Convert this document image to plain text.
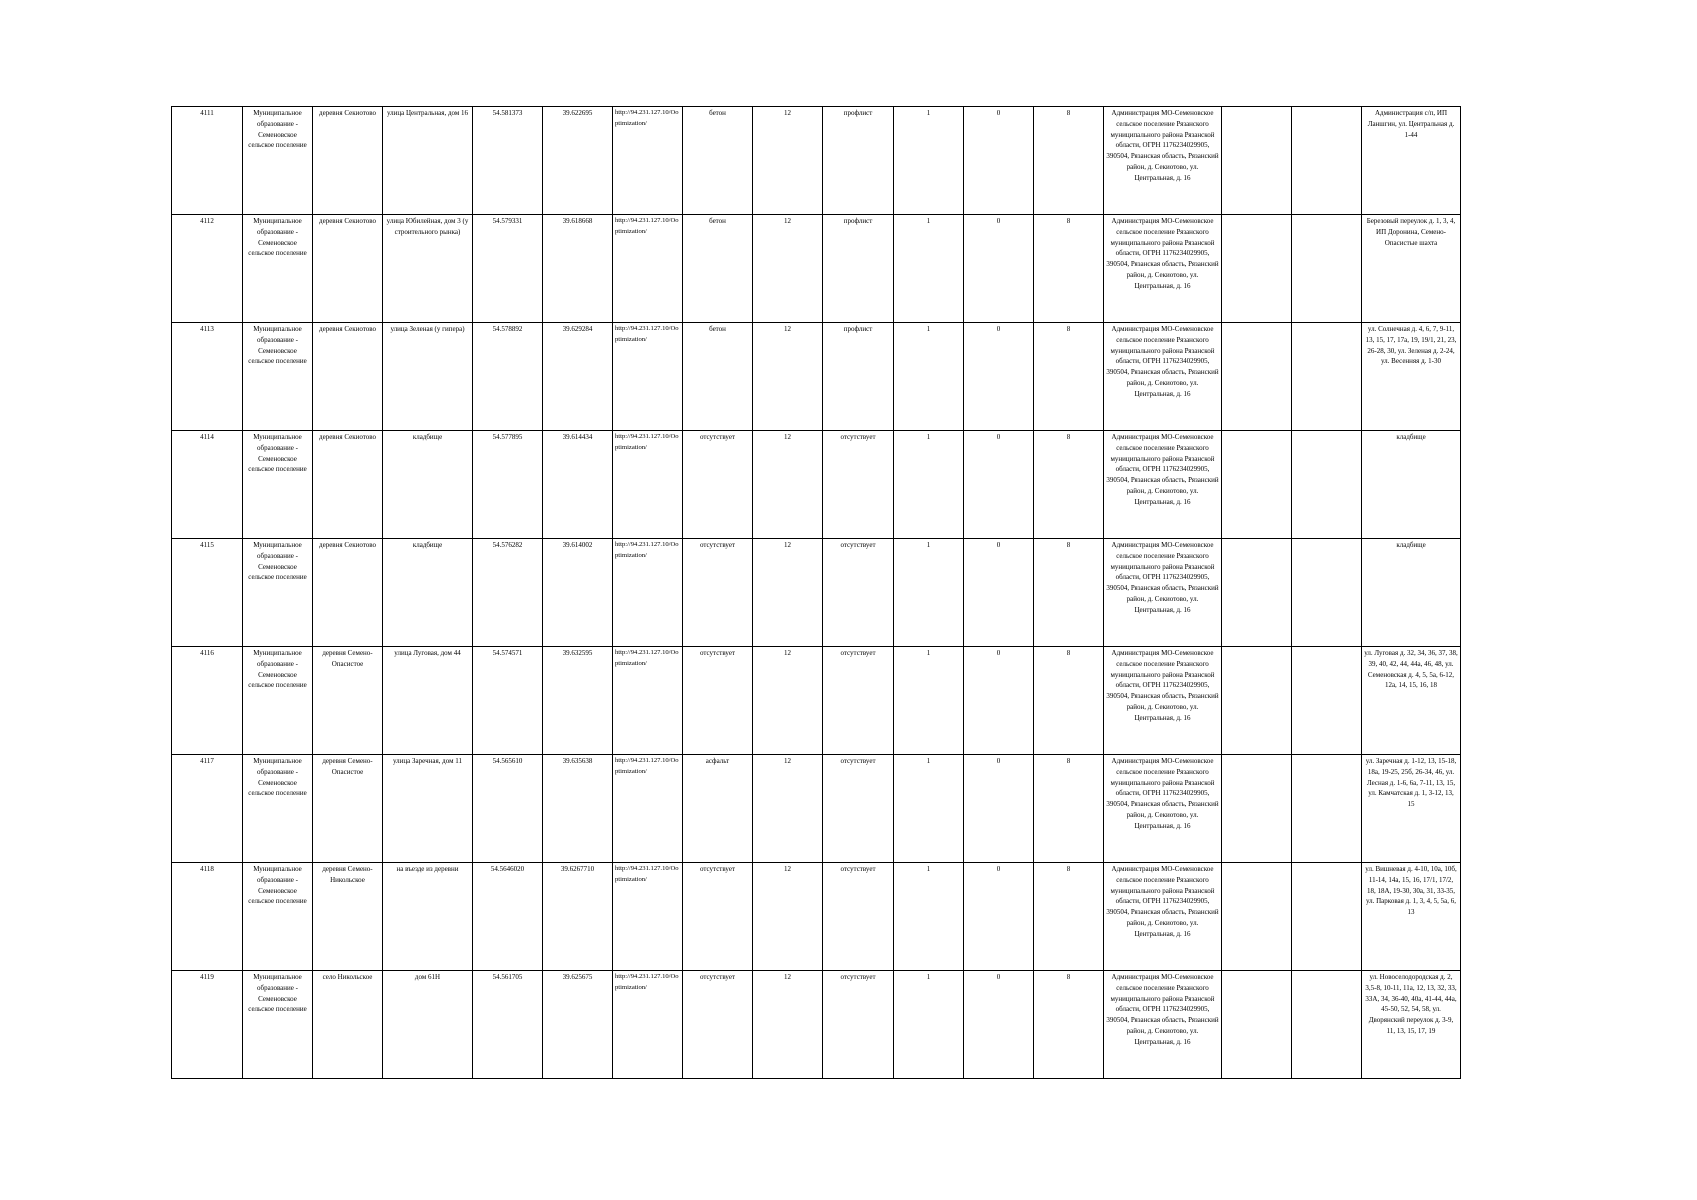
4111	Муниципальное образование - Семеновское сельское поселение	деревня Секиотово	улица Центральная, дом 16	54.581373	39.622695	http://94.231.127.10/Ooptimization/	бетон	12	профлист	1	0	8	Администрация МО-Семеновское сельское поселение Рязанского муниципального района Рязанской области, ОГРН 1176234029905, 390504, Рязанская область, Рязанский район, д. Секиотово, ул. Центральная, д. 16			Администрация с/п, ИП Ланшгин, ул. Центральная д. 1-44
4112	Муниципальное образование - Семеновское сельское поселение	деревня Секиотово	улица Юбилейная, дом 3 (у строительного рынка)	54.579331	39.618668	http://94.231.127.10/Ooptimization/	бетон	12	профлист	1	0	8	Администрация МО-Семеновское сельское поселение Рязанского муниципального района Рязанской области, ОГРН 1176234029905, 390504, Рязанская область, Рязанский район, д. Секиотово, ул. Центральная, д. 16			Березовый переулок д. 1, 3, 4, ИП Доронина, Семено-Опасистые шахта
4113	Муниципальное образование - Семеновское сельское поселение	деревня Секиотово	улица Зеленая (у гипера)	54.578892	39.629284	http://94.231.127.10/Ooptimization/	бетон	12	профлист	1	0	8	Администрация МО-Семеновское сельское поселение Рязанского муниципального района Рязанской области, ОГРН 1176234029905, 390504, Рязанская область, Рязанский район, д. Секиотово, ул. Центральная, д. 16			ул. Солнечная д. 4, 6, 7, 9-11, 13, 15, 17, 17а, 19, 19/1, 21, 23, 26-28, 30, ул. Зеленая д. 2-24, ул. Весенняя д. 1-30
4114	Муниципальное образование - Семеновское сельское поселение	деревня Секиотово	кладбище	54.577895	39.614434	http://94.231.127.10/Ooptimization/	отсутствует	12	отсутствует	1	0	8	Администрация МО-Семеновское сельское поселение Рязанского муниципального района Рязанской области, ОГРН 1176234029905, 390504, Рязанская область, Рязанский район, д. Секиотово, ул. Центральная, д. 16			кладбище
4115	Муниципальное образование - Семеновское сельское поселение	деревня Секиотово	кладбище	54.576282	39.614002	http://94.231.127.10/Ooptimization/	отсутствует	12	отсутствует	1	0	8	Администрация МО-Семеновское сельское поселение Рязанского муниципального района Рязанской области, ОГРН 1176234029905, 390504, Рязанская область, Рязанский район, д. Секиотово, ул. Центральная, д. 16			кладбище
4116	Муниципальное образование - Семеновское сельское поселение	деревня Семено-Опасистое	улица Луговая, дом 44	54.574571	39.632595	http://94.231.127.10/Ooptimization/	отсутствует	12	отсутствует	1	0	8	Администрация МО-Семеновское сельское поселение Рязанского муниципального района Рязанской области, ОГРН 1176234029905, 390504, Рязанская область, Рязанский район, д. Секиотово, ул. Центральная, д. 16			ул. Луговая д. 32, 34, 36, 37, 38, 39, 40, 42, 44, 44а, 46, 48, ул. Семеновская д. 4, 5, 5а, 6-12, 12а, 14, 15, 16, 18
4117	Муниципальное образование - Семеновское сельское поселение	деревня Семено-Опасистое	улица Заречная, дом 11	54.565610	39.635638	http://94.231.127.10/Ooptimization/	асфальт	12	отсутствует	1	0	8	Администрация МО-Семеновское сельское поселение Рязанского муниципального района Рязанской области, ОГРН 1176234029905, 390504, Рязанская область, Рязанский район, д. Секиотово, ул. Центральная, д. 16			ул. Заречная д. 1-12, 13, 15-18, 18а, 19-25, 25б, 26-34, 46, ул. Лесная д. 1-6, 6а, 7-11, 13, 15, ул. Камчатская д. 1, 3-12, 13, 15
4118	Муниципальное образование - Семеновское сельское поселение	деревня Семено-Никольское	на въезде из деревни	54.5646020	39.6267710	http://94.231.127.10/Ooptimization/	отсутствует	12	отсутствует	1	0	8	Администрация МО-Семеновское сельское поселение Рязанского муниципального района Рязанской области, ОГРН 1176234029905, 390504, Рязанская область, Рязанский район, д. Секиотово, ул. Центральная, д. 16			ул. Вишневая д. 4-10, 10а, 10б, 11-14, 14а, 15, 16, 17/1, 17/2, 18, 18А, 19-30, 30а, 31, 33-35, ул. Парковая д. 1, 3, 4, 5, 5а, 6, 13
4119	Муниципальное образование - Семеновское сельское поселение	село Никольское	дом 61Н	54.561705	39.625675	http://94.231.127.10/Ooptimization/	отсутствует	12	отсутствует	1	0	8	Администрация МО-Семеновское сельское поселение Рязанского муниципального района Рязанской области, ОГРН 1176234029905, 390504, Рязанская область, Рязанский район, д. Секиотово, ул. Центральная, д. 16			ул. Новоселодородская д. 2, 3,5-8, 10-11, 11а, 12, 13, 32, 33, 33А, 34, 36-40, 40а, 41-44, 44а, 45-50, 52, 54, 58, ул. Дворянский переулок д. 3-9, 11, 13, 15, 17, 19
